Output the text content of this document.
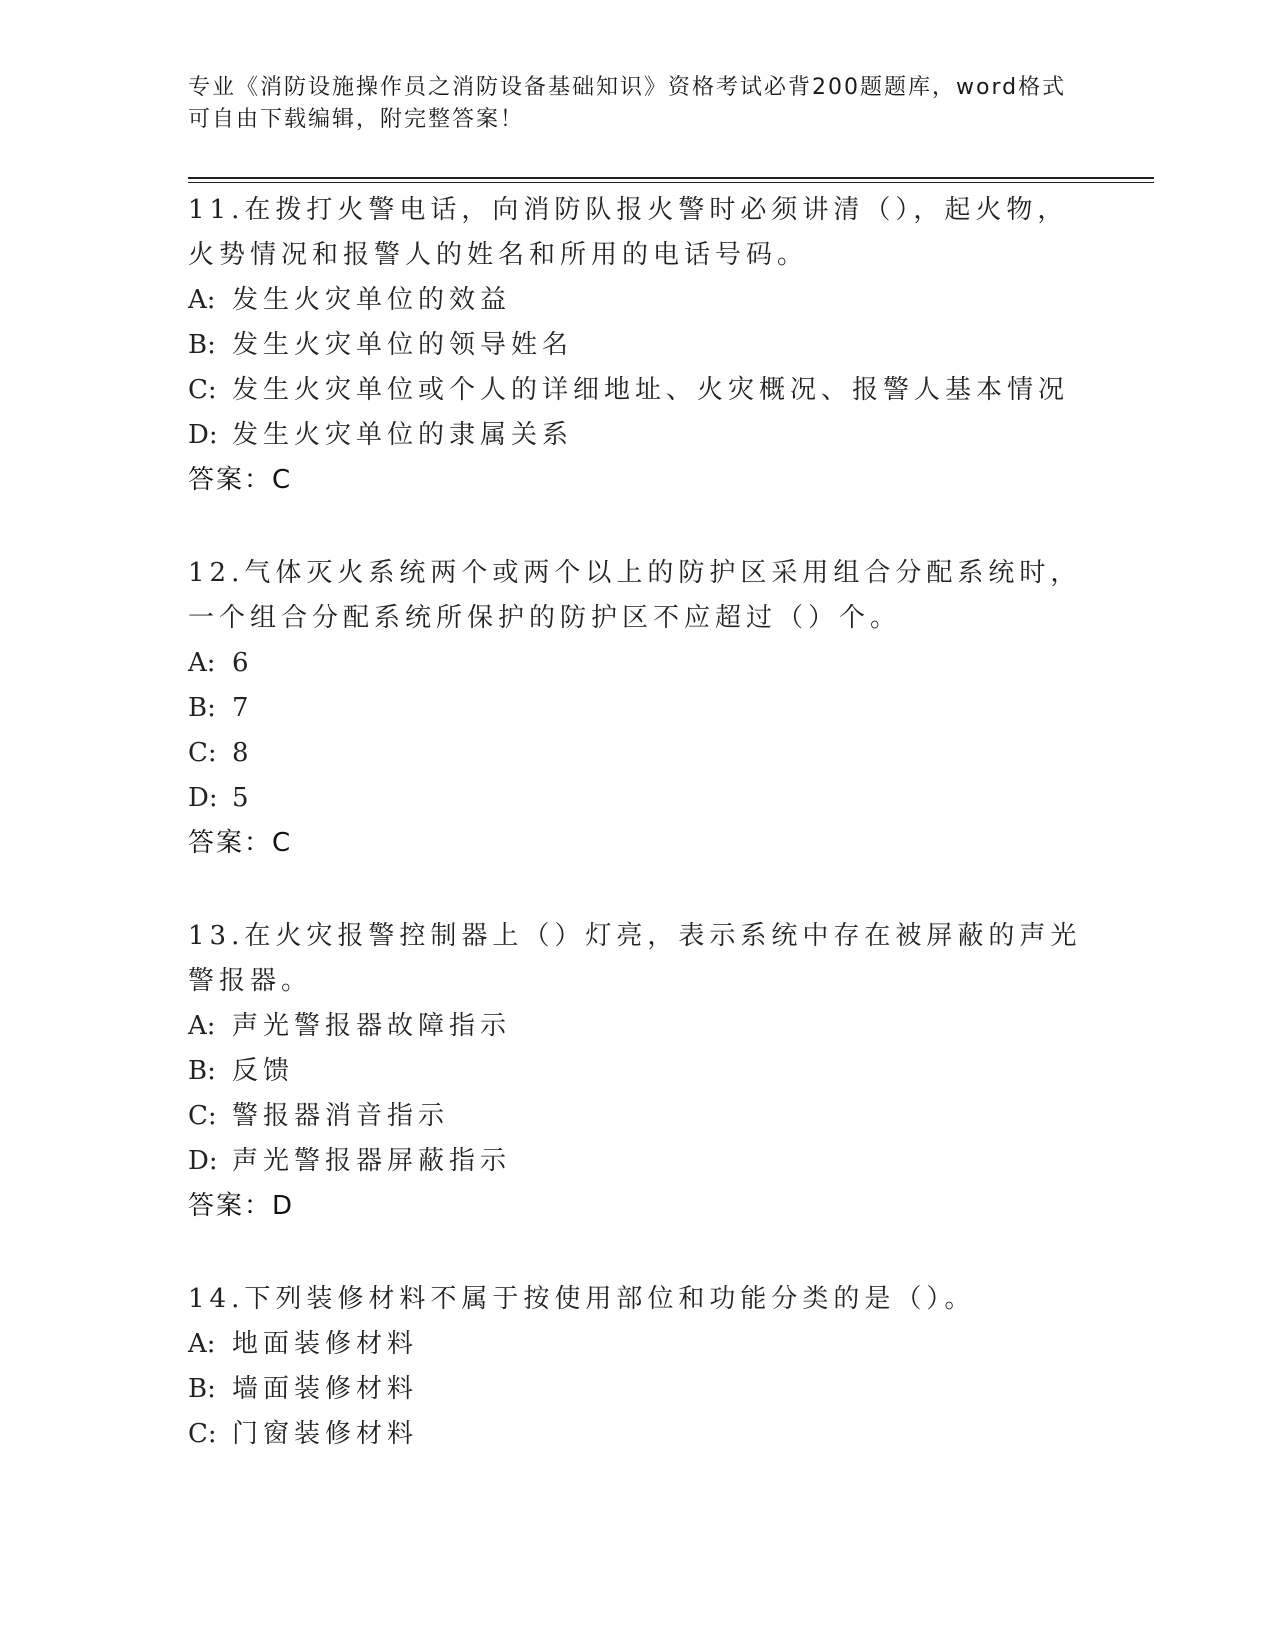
专业《消防设施操作员之消防设备基础知识》资格考试必背200题题库，word格式可自由下载编辑，附完整答案！

11.在拨打火警电话，向消防队报火警时必须讲清（），起火物，火势情况和报警人的姓名和所用的电话号码。

A: 发生火灾单位的效益

B: 发生火灾单位的领导姓名

C: 发生火灾单位或个人的详细地址、火灾概况、报警人基本情况

D: 发生火灾单位的隶属关系

答案：C

12.气体灭火系统两个或两个以上的防护区采用组合分配系统时，一个组合分配系统所保护的防护区不应超过（）个。

A: 6

B: 7

C: 8

D: 5

答案：C

13.在火灾报警控制器上（）灯亮，表示系统中存在被屏蔽的声光警报器。

A: 声光警报器故障指示

B: 反馈

C: 警报器消音指示

D: 声光警报器屏蔽指示

答案：D

14.下列装修材料不属于按使用部位和功能分类的是（）。

A: 地面装修材料

B: 墙面装修材料

C: 门窗装修材料
